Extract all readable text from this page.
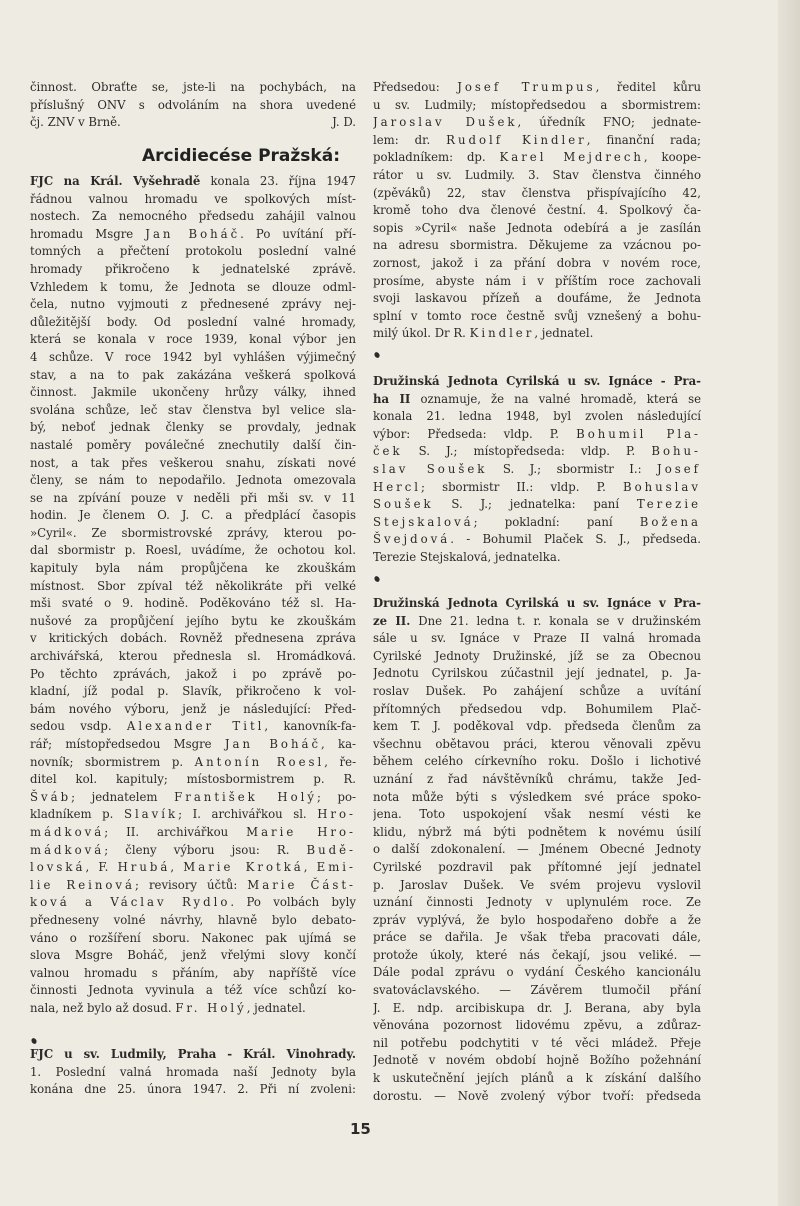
činnost. Obraťte se, jste-li na pochybách, na
příslušný ONV s odvoláním na shora uvedené
J. D.
čj. ZNV v Brně.
Arcidiecése Pražská:
FJC na Král. Vyšehradě konala 23. října 1947
řádnou valnou hromadu ve spolkových míst-
nostech. Za nemocného předsedu zahájil valnou
hromadu Msgre Jan Boháč. Po uvítání pří-
tomných a přečtení protokolu poslední valné
hromady přikročeno k jednatelské zprávě.
Vzhledem k tomu, že Jednota se dlouze odml-
čela, nutno vyjmouti z přednesené zprávy nej-
důležitější body. Od poslední valné hromady,
která se konala v roce 1939, konal výbor jen
4 schůze. V roce 1942 byl vyhlášen výjimečný
stav, a na to pak zakázána veškerá spolková
činnost. Jakmile ukončeny hrůzy války, ihned
svolána schůze, leč stav členstva byl velice sla-
bý, neboť jednak členky se provdaly, jednak
nastalé poměry poválečné znechutily další čin-
nost, a tak přes veškerou snahu, získati nové
členy, se nám to nepodařilo. Jednota omezovala
se na zpívání pouze v neděli při mši sv. v 11
hodin. Je členem O. J. C. a předplácí časopis
»Cyril«. Ze sbormistrovské zprávy, kterou po-
dal sbormistr p. Roesl, uvádíme, že ochotou kol.
kapituly byla nám propůjčena ke zkouškám
místnost. Sbor zpíval též několikráte při velké
mši svaté o 9. hodině. Poděkováno též sl. Ha-
nušové za propůjčení jejího bytu ke zkouškám
v kritických dobách. Rovněž přednesena zpráva
archivářská, kterou přednesla sl. Hromádková.
Po těchto zprávách, jakož i po zprávě po-
kladní, jíž podal p. Slavík, přikročeno k vol-
bám nového výboru, jenž je následující: Před-
sedou vsdp. Alexander Titl, kanovník-fa-
rář; místopředsedou Msgre Jan Boháč, ka-
novník; sbormistrem p. Antonín Roesl, ře-
ditel kol. kapituly; místosbormistrem p. R.
Šváb; jednatelem František Holý; po-
kladníkem p. Slavík; I. archivářkou sl. Hro-
mádková; II. archivářkou Marie Hro-
mádková; členy výboru jsou: R. Budě-
lovská, F. Hrubá, Marie Krotká, Emi-
lie Reinová; revisory účtů: Marie Část-
ková a Václav Rydlo. Po volbách byly
předneseny volné návrhy, hlavně bylo debato-
váno o rozšíření sboru. Nakonec pak ujímá se
slova Msgre Boháč, jenž vřelými slovy končí
valnou hromadu s přáním, aby napříště více
činnosti Jednota vyvinula a též více schůzí ko-
nala, než bylo až dosud. Fr. Holý, jednatel.
FJC u sv. Ludmily, Praha - Král. Vinohrady.
1. Poslední valná hromada naší Jednoty byla
konána dne 25. února 1947. 2. Při ní zvoleni:
Předsedou: Josef Trumpus, ředitel kůru
u sv. Ludmily; místopředsedou a sbormistrem:
Jaroslav Dušek, úředník FNO; jednate-
lem: dr. Rudolf Kindler, finanční rada;
pokladníkem: dp. Karel Mejdrech, koope-
rátor u sv. Ludmily. 3. Stav členstva činného
(zpěváků) 22, stav členstva přispívajícího 42,
kromě toho dva členové čestní. 4. Spolkový ča-
sopis »Cyril« naše Jednota odebírá a je zasílán
na adresu sbormistra. Děkujeme za vzácnou po-
zornost, jakož i za přání dobra v novém roce,
prosíme, abyste nám i v příštím roce zachovali
svoji laskavou přízeň a doufáme, že Jednota
splní v tomto roce čestně svůj vznešený a bohu-
milý úkol. Dr R. Kindler, jednatel.
Družinská Jednota Cyrilská u sv. Ignáce - Pra-
ha II oznamuje, že na valné hromadě, která se
konala 21. ledna 1948, byl zvolen následující
výbor: Předseda: vldp. P. Bohumil Pla-
ček S. J.; místopředseda: vldp. P. Bohu-
slav Soušek S. J.; sbormistr I.: Josef
Hercl; sbormistr II.: vldp. P. Bohuslav
Soušek S. J.; jednatelka: paní Terezie
Stejskalová; pokladní: paní Božena
Švejdová. - Bohumil Plaček S. J., předseda.
Terezie Stejskalová, jednatelka.
Družinská Jednota Cyrilská u sv. Ignáce v Pra-
ze II. Dne 21. ledna t. r. konala se v družinském
sále u sv. Ignáce v Praze II valná hromada
Cyrilské Jednoty Družinské, jíž se za Obecnou
Jednotu Cyrilskou zúčastnil její jednatel, p. Ja-
roslav Dušek. Po zahájení schůze a uvítání
přítomných předsedou vdp. Bohumilem Plač-
kem T. J. poděkoval vdp. předseda členům za
všechnu obětavou práci, kterou věnovali zpěvu
během celého církevního roku. Došlo i lichotivé
uznání z řad návštěvníků chrámu, takže Jed-
nota může býti s výsledkem své práce spoko-
jena. Toto uspokojení však nesmí vésti ke
klidu, nýbrž má býti podnětem k novému úsilí
o další zdokonalení. — Jménem Obecné Jednoty
Cyrilské pozdravil pak přítomné její jednatel
p. Jaroslav Dušek. Ve svém projevu vyslovil
uznání činnosti Jednoty v uplynulém roce. Ze
zpráv vyplývá, že bylo hospodařeno dobře a že
práce se dařila. Je však třeba pracovati dále,
protože úkoly, které nás čekají, jsou veliké. —
Dále podal zprávu o vydání Českého kancionálu
svatováclavského. — Závěrem tlumočil přání
J. E. ndp. arcibiskupa dr. J. Berana, aby byla
věnována pozornost lidovému zpěvu, a zdůraz-
nil potřebu podchytiti v té věci mládež. Přeje
Jednotě v novém období hojně Božího požehnání
k uskutečnění jejích plánů a k získání dalšího
dorostu. — Nově zvolený výbor tvoří: předseda
15
